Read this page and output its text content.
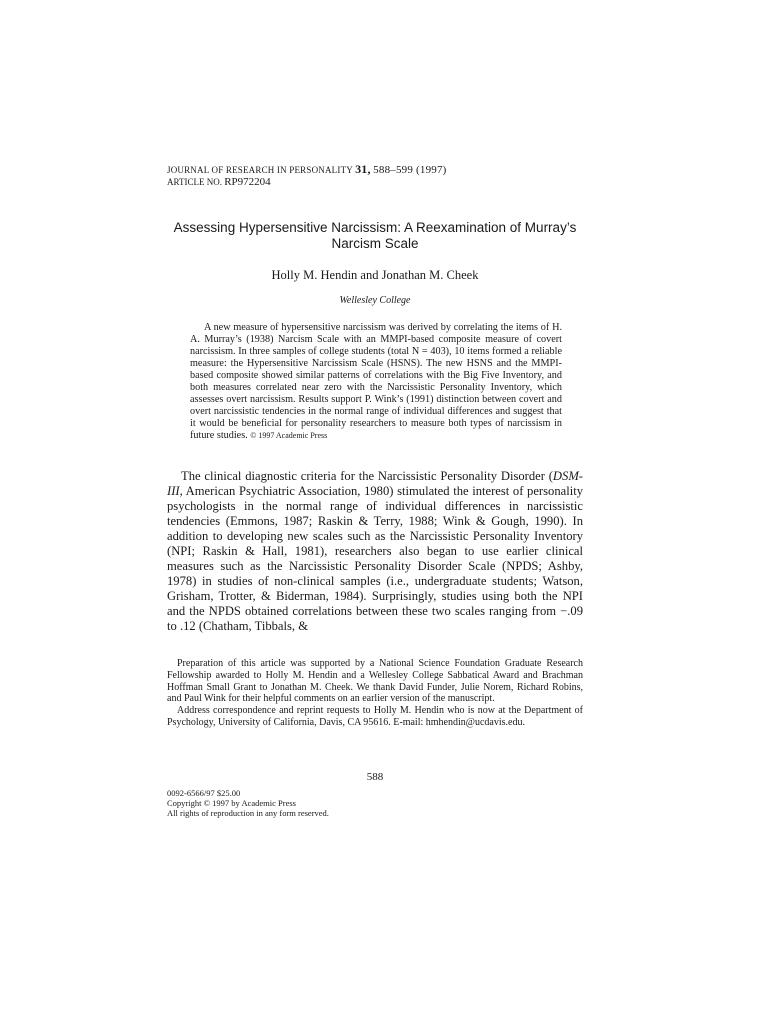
JOURNAL OF RESEARCH IN PERSONALITY 31, 588–599 (1997)
ARTICLE NO. RP972204
Assessing Hypersensitive Narcissism: A Reexamination of Murray’s Narcism Scale
Holly M. Hendin and Jonathan M. Cheek
Wellesley College
A new measure of hypersensitive narcissism was derived by correlating the items of H. A. Murray’s (1938) Narcism Scale with an MMPI-based composite measure of covert narcissism. In three samples of college students (total N = 403), 10 items formed a reliable measure: the Hypersensitive Narcissism Scale (HSNS). The new HSNS and the MMPI-based composite showed similar patterns of correlations with the Big Five Inventory, and both measures correlated near zero with the Narcissistic Personality Inventory, which assesses overt narcissism. Results support P. Wink’s (1991) distinction between covert and overt narcissistic tendencies in the normal range of individual differences and suggest that it would be beneficial for personality researchers to measure both types of narcissism in future studies. © 1997 Academic Press
The clinical diagnostic criteria for the Narcissistic Personality Disorder (DSM-III, American Psychiatric Association, 1980) stimulated the interest of personality psychologists in the normal range of individual differences in narcissistic tendencies (Emmons, 1987; Raskin & Terry, 1988; Wink & Gough, 1990). In addition to developing new scales such as the Narcissistic Personality Inventory (NPI; Raskin & Hall, 1981), researchers also began to use earlier clinical measures such as the Narcissistic Personality Disorder Scale (NPDS; Ashby, 1978) in studies of non-clinical samples (i.e., undergraduate students; Watson, Grisham, Trotter, & Biderman, 1984). Surprisingly, studies using both the NPI and the NPDS obtained correlations between these two scales ranging from −.09 to .12 (Chatham, Tibbals, &

Preparation of this article was supported by a National Science Foundation Graduate Research Fellowship awarded to Holly M. Hendin and a Wellesley College Sabbatical Award and Brachman Hoffman Small Grant to Jonathan M. Cheek. We thank David Funder, Julie Norem, Richard Robins, and Paul Wink for their helpful comments on an earlier version of the manuscript.

Address correspondence and reprint requests to Holly M. Hendin who is now at the Department of Psychology, University of California, Davis, CA 95616. E-mail: hmhendin@ucdavis.edu.

588
0092-6566/97 $25.00
Copyright © 1997 by Academic Press
All rights of reproduction in any form reserved.
